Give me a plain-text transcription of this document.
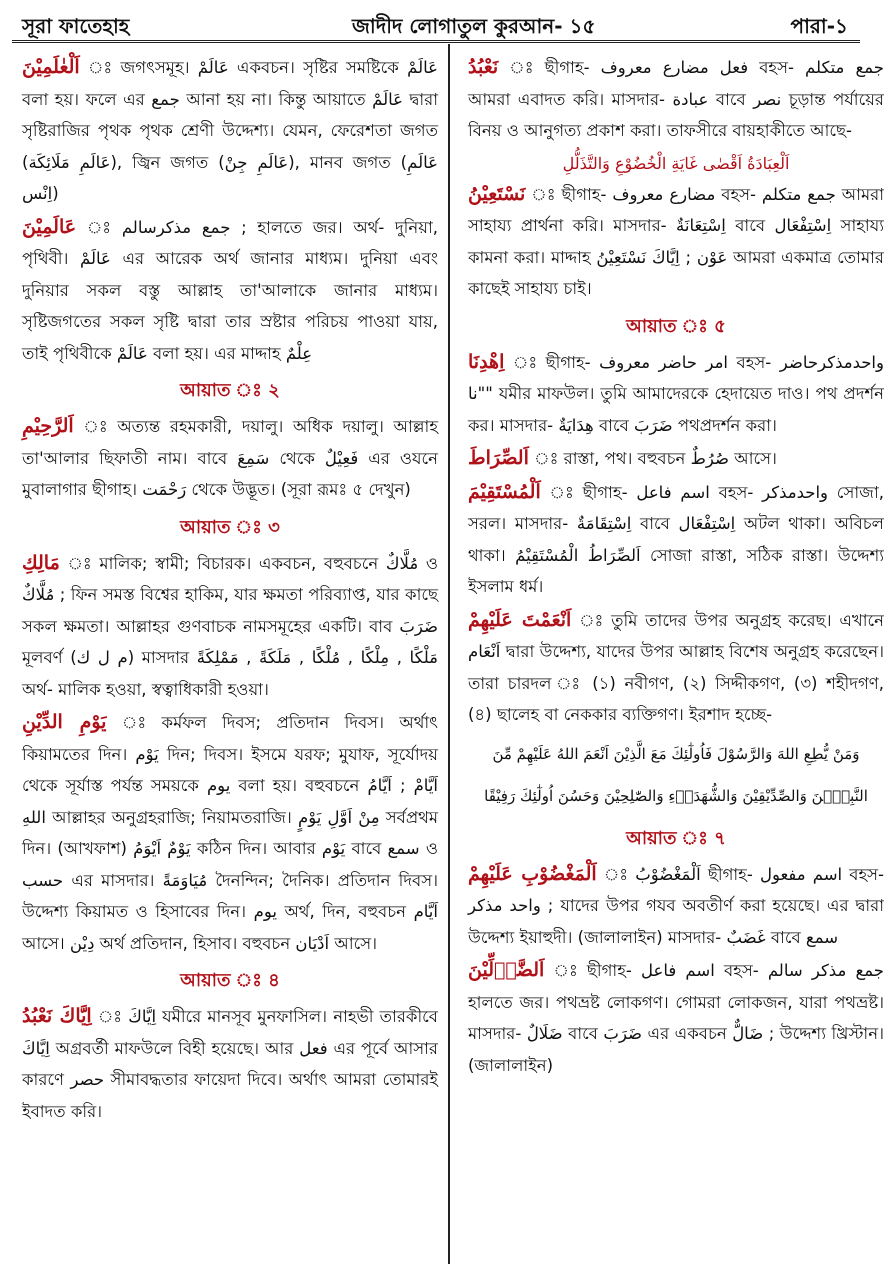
সূরা ফাতেহাহ	জাদীদ লোগাতুল কুরআন- ১৫	পারা-১

اَلْعٰلَمِيْنَ ঃ জগৎসমূহ। عَالَمْ একবচন। সৃষ্টির সমষ্টিকে عَالَمْ বলা হয়। ফলে এর جمع আনা হয় না। কিন্তু আয়াতে عَالَمْ দ্বারা সৃষ্টিরাজির পৃথক পৃথক শ্রেণী উদ্দেশ্য। যেমন, ফেরেশতা জগত (عَالَمِ مَلَائِكَة), জ্বিন জগত (عَالَمِ جِنْ), মানব জগত (عَالَمِ اِنْس)

عَالَمِيْنَ ঃ جمع مذكرسالم ; হালতে জর। অর্থ- দুনিয়া, পৃথিবী। عَالَمْ এর আরেক অর্থ জানার মাধ্যম। দুনিয়া এবং দুনিয়ার সকল বস্তু আল্লাহ তা'আলাকে জানার মাধ্যম। সৃষ্টিজগতের সকল সৃষ্টি দ্বারা তার স্রষ্টার পরিচয় পাওয়া যায়, তাই পৃথিবীকে عَالَمْ বলা হয়। এর মাদ্দাহ عِلْمٌ

আয়াত ঃ ২

اَلرَّحِيْمِ ঃ অত্যন্ত রহমকারী, দয়ালু। অধিক দয়ালু। আল্লাহ তা'আলার ছিফাতী নাম। বাবে سَمِعَ থেকে فَعِيْلٌ এর ওযনে মুবালাগার ছীগাহ। رَحْمَت থেকে উদ্ভূত। (সূরা রূমঃ ৫ দেখুন)

আয়াত ঃ ৩

مَالِكِ ঃ মালিক; স্বামী; বিচারক। একবচন, বহুবচনে مُلَّاكٌ ও مُلَّاكٌ ; ফিন সমস্ত বিশ্বের হাকিম, যার ক্ষমতা পরিব্যাপ্ত, যার কাছে সকল ক্ষমতা। আল্লাহর গুণবাচক নামসমূহের একটি। বাব ضَرَبَ মূলবর্ণ (م ل ك) মাসদার مَلْكًا , مِلْكًا , مُلْكًا , مَلَكَةً , مَمْلِكَةً অর্থ- মালিক হওয়া, স্বত্বাধিকারী হওয়া।

يَوْمِ الدِّيْنِ ঃ কর্মফল দিবস; প্রতিদান দিবস। অর্থাৎ কিয়ামতের দিন। يَوْم দিন; দিবস। ইসমে যরফ; মুযাফ, সূর্যোদয় থেকে সূর্যাস্ত পর্যন্ত সময়কে يوم বলা হয়। বহুবচনে اَيَّامْ ; اَيَّامُ اللهِ আল্লাহর অনুগ্রহরাজি; নিয়ামতরাজি। مِنْ اَوَّلِ يَوْمٍ সর্বপ্রথম দিন। (আখফাশ) يَوْمٌ اَيْوَمُ কঠিন দিন। আবার يَوْم বাবে سمع ও حسب এর মাসদার। مُيَاوَمَةً দৈনন্দিন; দৈনিক। প্রতিদান দিবস। উদ্দেশ্য কিয়ামত ও হিসাবের দিন। يوم অর্থ, দিন, বহুবচন اَيَّام আসে। دِيْن অর্থ প্রতিদান, হিসাব। বহুবচন اَدْيَان আসে।

আয়াত ঃ ৪

اِيَّاكَ نَعْبُدُ ঃ اِيَّاكَ যমীরে মানসূব মুনফাসিল। নাহভী তারকীবে اِيَّاكَ অগ্রবর্তী মাফউলে বিহী হয়েছে। আর فعل এর পূর্বে আসার কারণে حصر সীমাবদ্ধতার ফায়েদা দিবে। অর্থাৎ আমরা তোমারই ইবাদত করি।

نَعْبُدُ ঃ ছীগাহ- فعل مضارع معروف বহস- جمع متكلم আমরা এবাদত করি। মাসদার- عبادة বাবে نصر চূড়ান্ত পর্যায়ের বিনয় ও আনুগত্য প্রকাশ করা। তাফসীরে বায়হাকীতে আছে-

اَلْعِبَادَةُ اَقْصٰى غَايَةِ الْخُضُوْعِ وَالتَّذَلُّلِ

نَسْتَعِيْنُ ঃ ছীগাহ- مضارع معروف বহস- جمع متكلم আমরা সাহায্য প্রার্থনা করি। মাসদার- اِسْتِعَانَةٌ বাবে اِسْتِفْعَال সাহায্য কামনা করা। মাদ্দাহ عَوْن ; اِيَّاكَ نَسْتَعِيْنُ আমরা একমাত্র তোমার কাছেই সাহায্য চাই।

আয়াত ঃ ৫

اِهْدِنَا ঃ ছীগাহ- امر حاضر معروف বহস- واحدمذكرحاضر "نا" যমীর মাফউল। তুমি আমাদেরকে হেদায়েত দাও। পথ প্রদর্শন কর। মাসদার- هِدَايَةٌ বাবে ضَرَبَ পথপ্রদর্শন করা।

اَلصِّرَاطَ ঃ রাস্তা, পথ। বহুবচন صُرُطٌ আসে।

اَلْمُسْتَقِيْمَ ঃ ছীগাহ- اسم فاعل বহস- واحدمذكر সোজা, সরল। মাসদার- اِسْتِقَامَةٌ বাবে اِسْتِفْعَال অটল থাকা। অবিচল থাকা। اَلصِّرَاطُ الْمُسْتَقِيْمُ সোজা রাস্তা, সঠিক রাস্তা। উদ্দেশ্য ইসলাম ধর্ম।

اَنْعَمْتَ عَلَيْهِمْ ঃ তুমি তাদের উপর অনুগ্রহ করেছ। এখানে اَنْعَام দ্বারা উদ্দেশ্য, যাদের উপর আল্লাহ বিশেষ অনুগ্রহ করেছেন। তারা চারদল ঃ (১) নবীগণ, (২) সিদ্দীকগণ, (৩) শহীদগণ, (৪) ছালেহ বা নেককার ব্যক্তিগণ। ইরশাদ হচ্ছে-

وَمَنْ يُّطِعِ اللهَ وَالرَّسُوْلَ فَاُولٰٓئِكَ مَعَ الَّذِيْنَ اَنْعَمَ اللهُ عَلَيْهِمْ مِّنَ النَّبِيّٖنَ وَالصِّدِّيْقِيْنَ وَالشُّهَدَاۤءِ وَالصّٰلِحِيْنَ وَحَسُنَ اُولٰٓئِكَ رَفِيْقًا
আয়াত ঃ ৭

اَلْمَغْضُوْبِ عَلَيْهِمْ ঃ اَلْمَغْضُوْبُ ছীগাহ- اسم مفعول বহস- واحد مذكر ; যাদের উপর গযব অবতীর্ণ করা হয়েছে। এর দ্বারা উদ্দেশ্য ইয়াহুদী। (জালালাইন) মাসদার- غَضَبٌ বাবে سمع

اَلضَّاۤلِّيْنَ ঃ ছীগাহ- اسم فاعل বহস- جمع مذكر سالم হালতে জর। পথভ্রষ্ট লোকগণ। গোমরা লোকজন, যারা পথভ্রষ্ট। মাসদার- ضَلَالٌ বাবে ضَرَبَ এর একবচন ضَالٌّ ; উদ্দেশ্য খ্রিস্টান। (জালালাইন)
